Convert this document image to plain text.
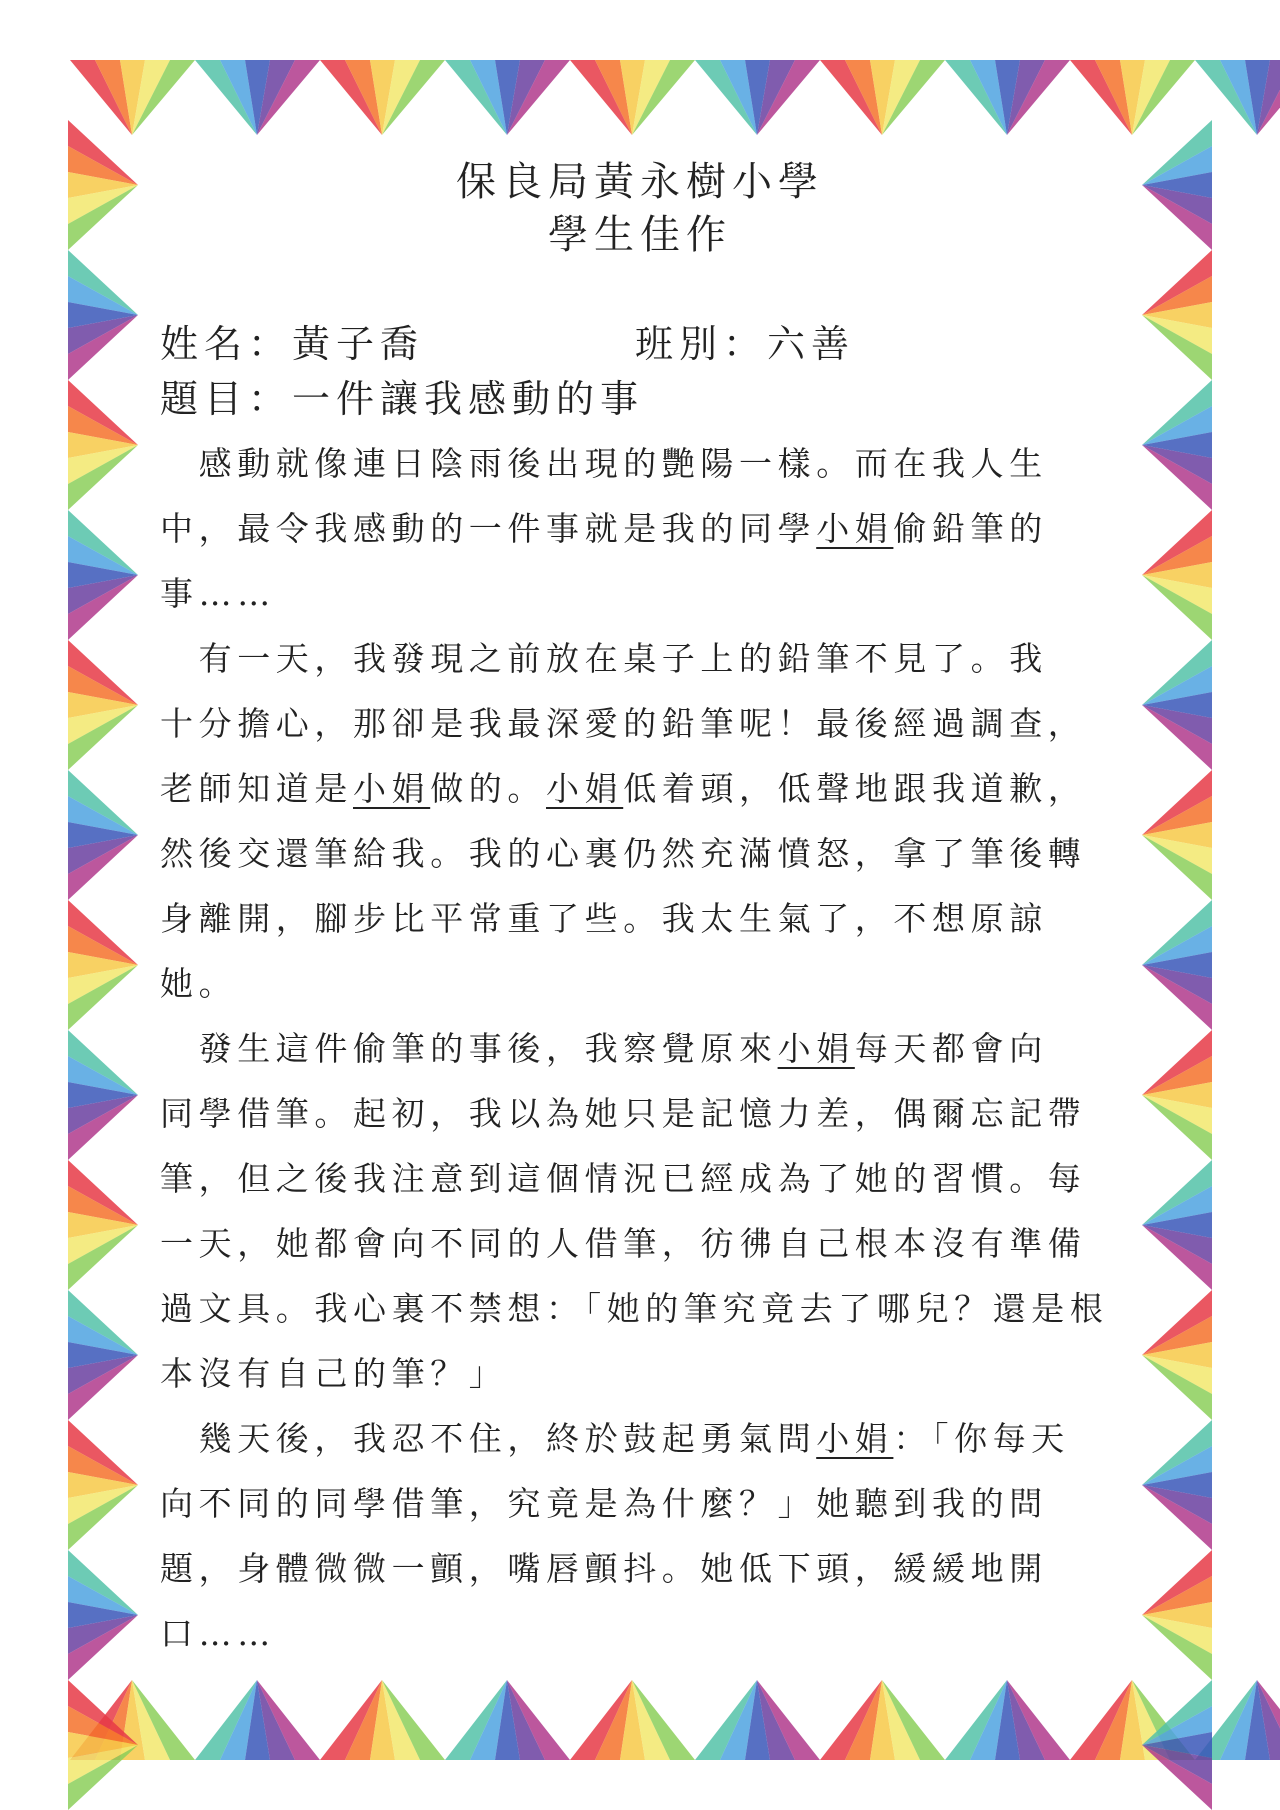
保良局黃永樹小學
學生佳作
姓名：黃子喬	班別：六善
題目：一件讓我感動的事
　感動就像連日陰雨後出現的艷陽一樣。而在我人生
中，最令我感動的一件事就是我的同學小娟偷鉛筆的
事……
　有一天，我發現之前放在桌子上的鉛筆不見了。我
十分擔心，那卻是我最深愛的鉛筆呢！最後經過調查，
老師知道是小娟做的。小娟低着頭，低聲地跟我道歉，
然後交還筆給我。我的心裏仍然充滿憤怒，拿了筆後轉
身離開，腳步比平常重了些。我太生氣了，不想原諒
她。
　發生這件偷筆的事後，我察覺原來小娟每天都會向
同學借筆。起初，我以為她只是記憶力差，偶爾忘記帶
筆，但之後我注意到這個情況已經成為了她的習慣。每
一天，她都會向不同的人借筆，彷彿自己根本沒有準備
過文具。我心裏不禁想：「她的筆究竟去了哪兒？還是根
本沒有自己的筆？」
　幾天後，我忍不住，終於鼓起勇氣問小娟：「你每天
向不同的同學借筆，究竟是為什麼？」她聽到我的問
題，身體微微一顫，嘴唇顫抖。她低下頭，緩緩地開
口……
